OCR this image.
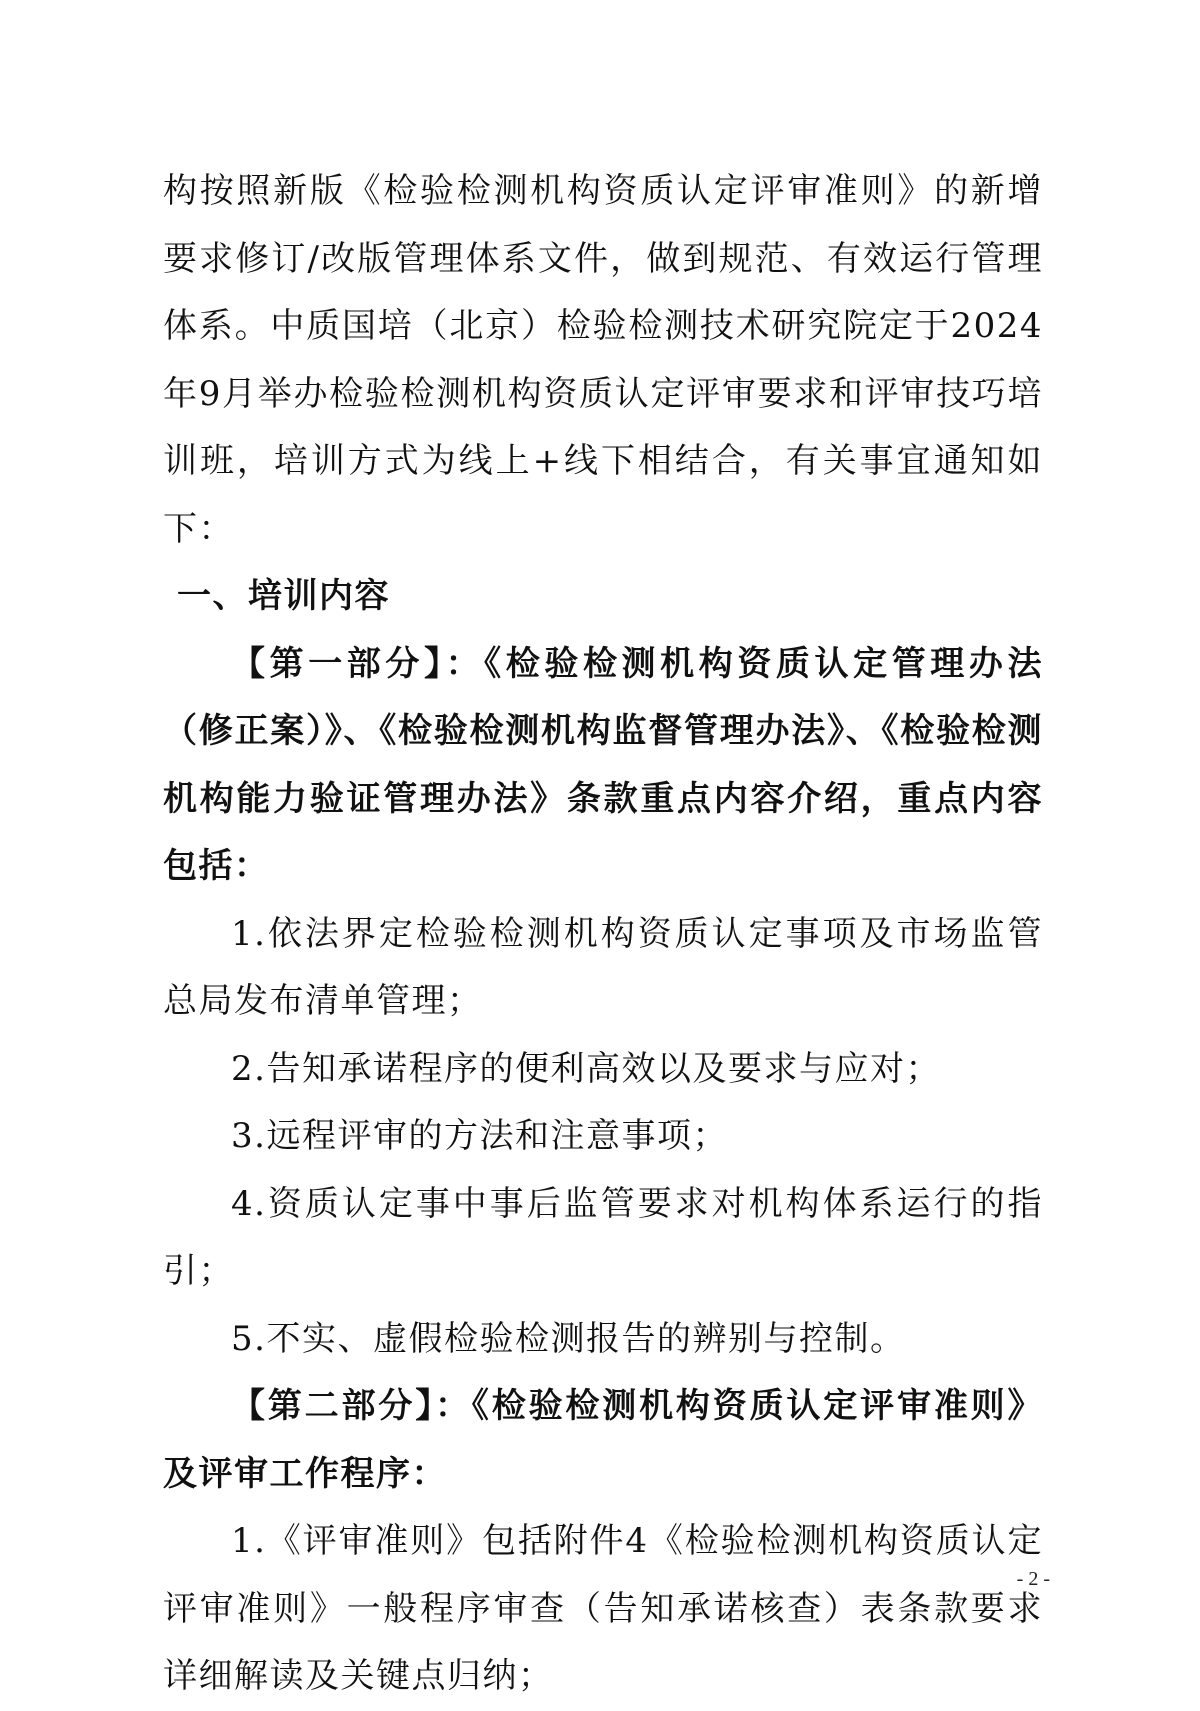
构按照新版《检验检测机构资质认定评审准则》的新增要求修订/改版管理体系文件，做到规范、有效运行管理体系。中质国培（北京）检验检测技术研究院定于2024年9月举办检验检测机构资质认定评审要求和评审技巧培训班，培训方式为线上+线下相结合，有关事宜通知如下：

一、培训内容

【第一部分】：《检验检测机构资质认定管理办法（修正案）》、《检验检测机构监督管理办法》、《检验检测机构能力验证管理办法》条款重点内容介绍，重点内容包括：

1.依法界定检验检测机构资质认定事项及市场监管总局发布清单管理；

2.告知承诺程序的便利高效以及要求与应对；

3.远程评审的方法和注意事项；

4.资质认定事中事后监管要求对机构体系运行的指引；

5.不实、虚假检验检测报告的辨别与控制。

【第二部分】：《检验检测机构资质认定评审准则》及评审工作程序：

1.《评审准则》包括附件4《检验检测机构资质认定评审准则》一般程序审查（告知承诺核查）表条款要求详细解读及关键点归纳；

- 2 -
